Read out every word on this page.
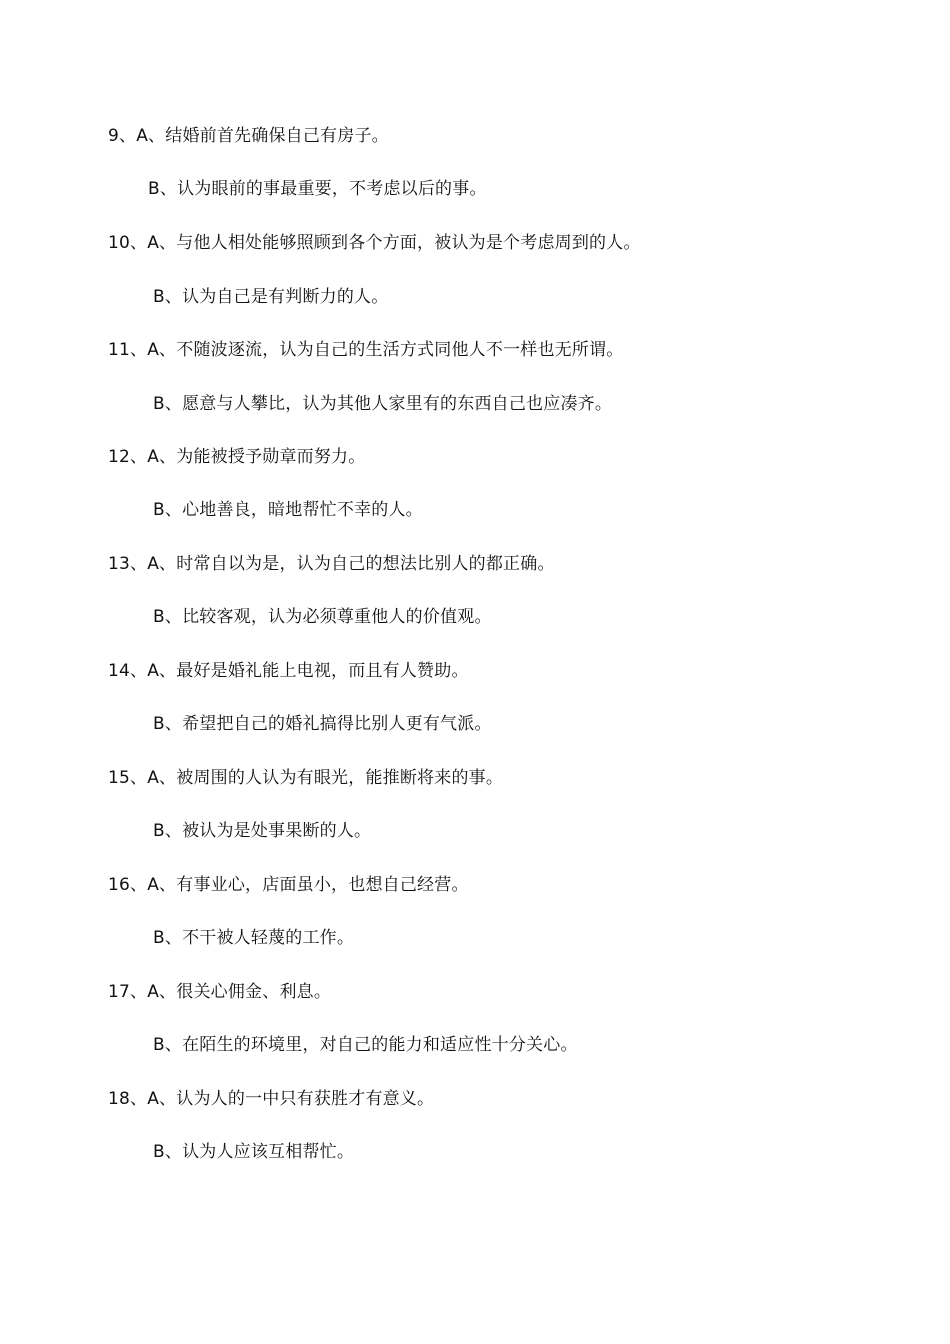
9、A、结婚前首先确保自己有房子。
B、认为眼前的事最重要，不考虑以后的事。
10、A、与他人相处能够照顾到各个方面，被认为是个考虑周到的人。
B、认为自己是有判断力的人。
11、A、不随波逐流，认为自己的生活方式同他人不一样也无所谓。
B、愿意与人攀比，认为其他人家里有的东西自己也应凑齐。
12、A、为能被授予勋章而努力。
B、心地善良，暗地帮忙不幸的人。
13、A、时常自以为是，认为自己的想法比别人的都正确。
B、比较客观，认为必须尊重他人的价值观。
14、A、最好是婚礼能上电视，而且有人赞助。
B、希望把自己的婚礼搞得比别人更有气派。
15、A、被周围的人认为有眼光，能推断将来的事。
B、被认为是处事果断的人。
16、A、有事业心，店面虽小，也想自己经营。
B、不干被人轻蔑的工作。
17、A、很关心佣金、利息。
B、在陌生的环境里，对自己的能力和适应性十分关心。
18、A、认为人的一中只有获胜才有意义。
B、认为人应该互相帮忙。
